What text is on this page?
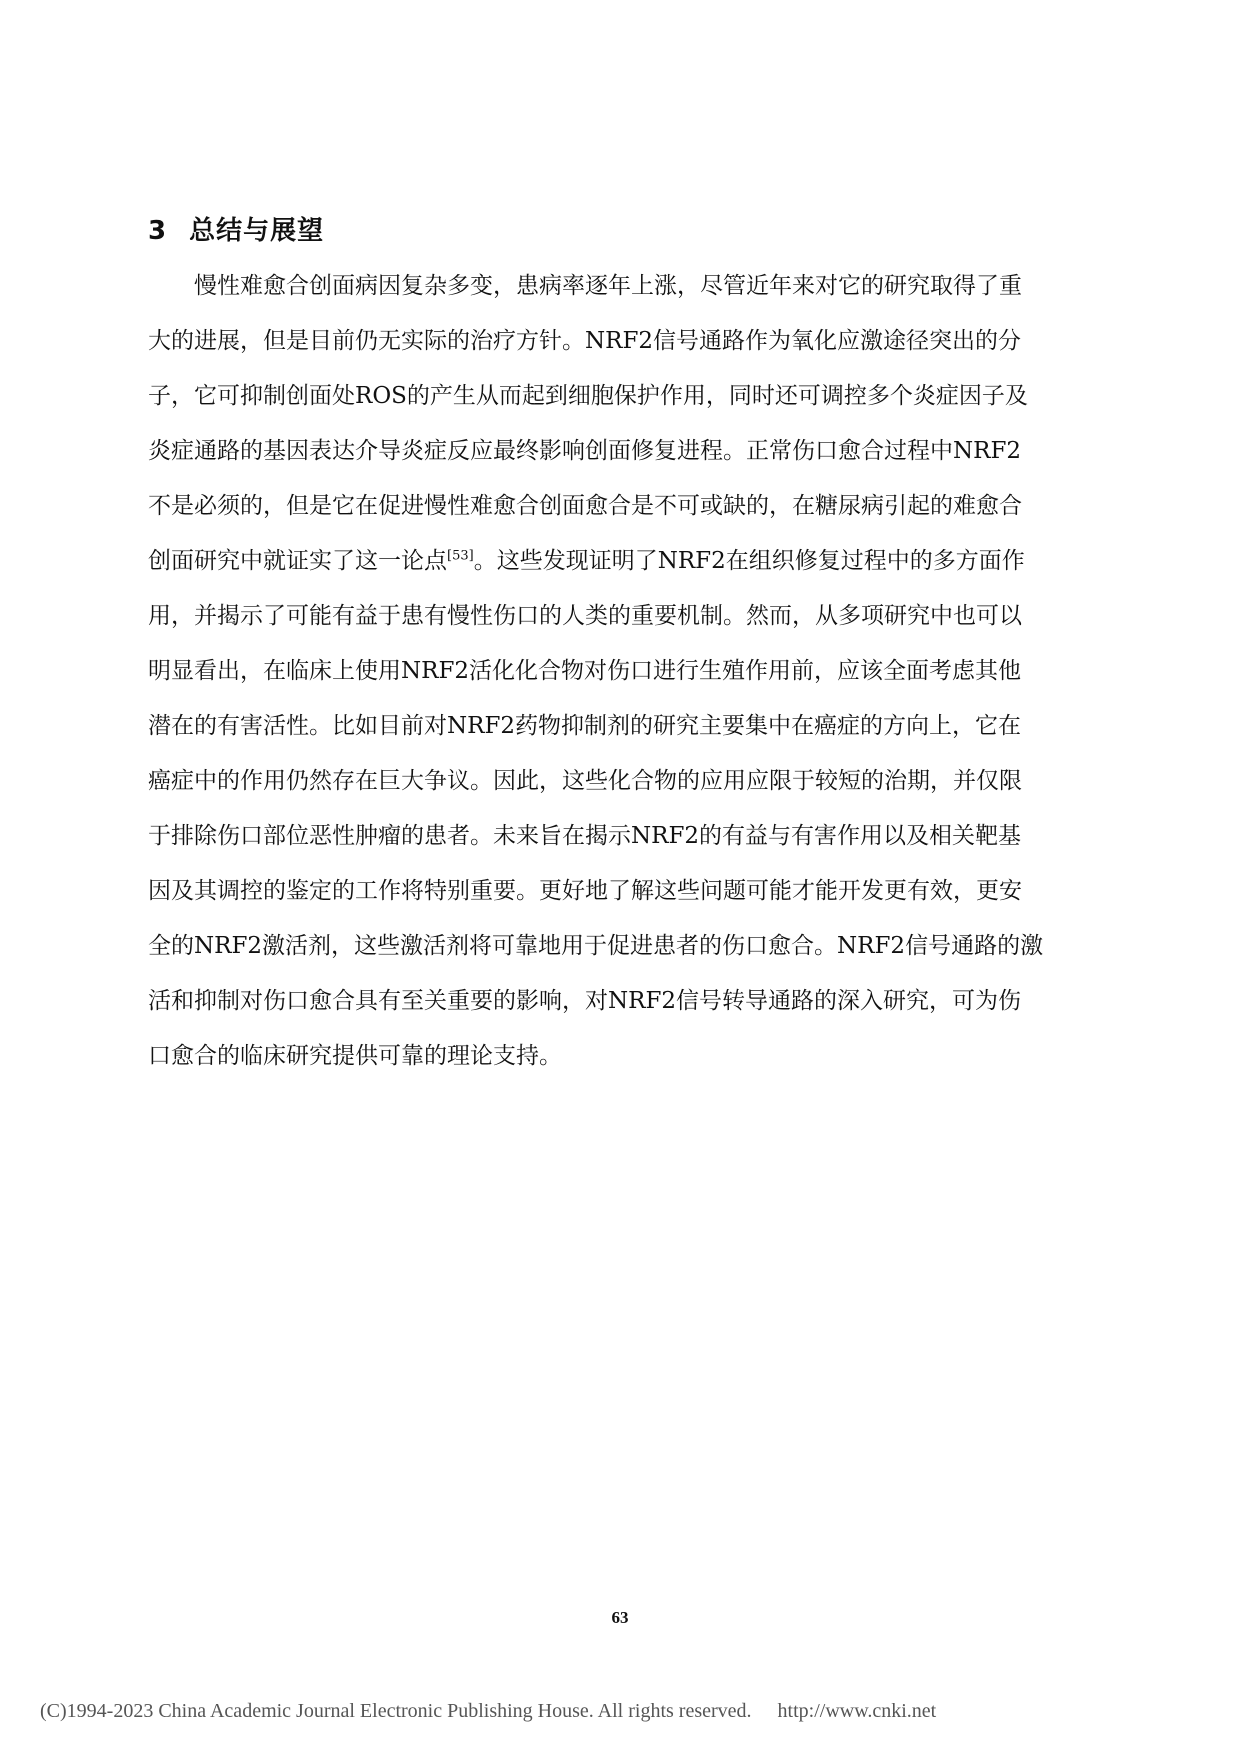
3 总结与展望
慢性难愈合创面病因复杂多变，患病率逐年上涨，尽管近年来对它的研究取得了重
大的进展，但是目前仍无实际的治疗方针。NRF2信号通路作为氧化应激途径突出的分
子，它可抑制创面处ROS的产生从而起到细胞保护作用，同时还可调控多个炎症因子及
炎症通路的基因表达介导炎症反应最终影响创面修复进程。正常伤口愈合过程中NRF2
不是必须的，但是它在促进慢性难愈合创面愈合是不可或缺的，在糖尿病引起的难愈合
创面研究中就证实了这一论点[53]。这些发现证明了NRF2在组织修复过程中的多方面作
用，并揭示了可能有益于患有慢性伤口的人类的重要机制。然而，从多项研究中也可以
明显看出，在临床上使用NRF2活化化合物对伤口进行生殖作用前，应该全面考虑其他
潜在的有害活性。比如目前对NRF2药物抑制剂的研究主要集中在癌症的方向上，它在
癌症中的作用仍然存在巨大争议。因此，这些化合物的应用应限于较短的治期，并仅限
于排除伤口部位恶性肿瘤的患者。未来旨在揭示NRF2的有益与有害作用以及相关靶基
因及其调控的鉴定的工作将特别重要。更好地了解这些问题可能才能开发更有效，更安
全的NRF2激活剂，这些激活剂将可靠地用于促进患者的伤口愈合。NRF2信号通路的激
活和抑制对伤口愈合具有至关重要的影响，对NRF2信号转导通路的深入研究，可为伤
口愈合的临床研究提供可靠的理论支持。
63
(C)1994-2023 China Academic Journal Electronic Publishing House. All rights reserved. http://www.cnki.net
